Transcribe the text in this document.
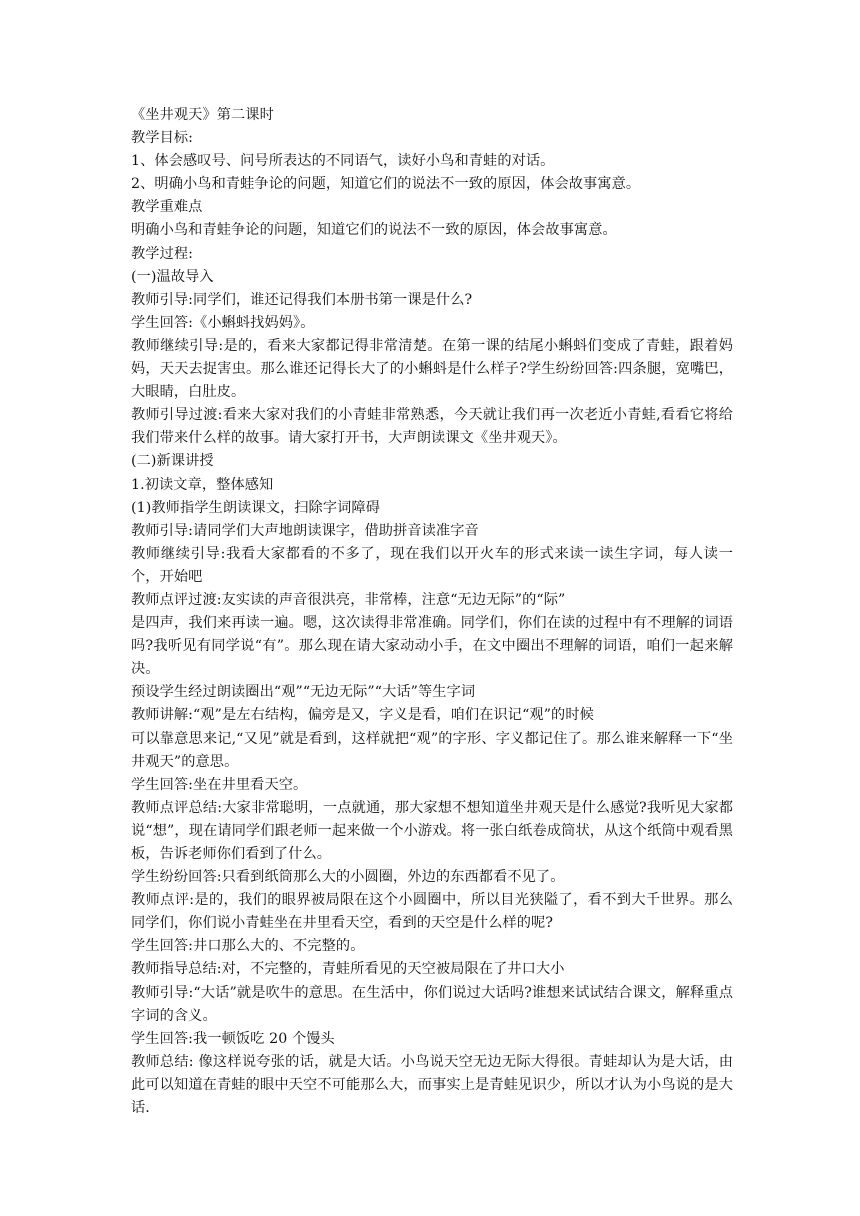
《坐井观天》第二课时

教学目标:

1、体会感叹号、问号所表达的不同语气，读好小鸟和青蛙的对话。

2、明确小鸟和青蛙争论的问题，知道它们的说法不一致的原因，体会故事寓意。

教学重难点

明确小鸟和青蛙争论的问题，知道它们的说法不一致的原因，体会故事寓意。

教学过程:

(一)温故导入

教师引导:同学们，谁还记得我们本册书第一课是什么?

学生回答:《小蝌蚪找妈妈》。

教师继续引导:是的，看来大家都记得非常清楚。在第一课的结尾小蝌蚪们变成了青蛙，跟着妈妈，天天去捉害虫。那么谁还记得长大了的小蝌蚪是什么样子?学生纷纷回答:四条腿，宽嘴巴，大眼睛，白肚皮。

教师引导过渡:看来大家对我们的小青蛙非常熟悉，今天就让我们再一次老近小青蛙,看看它将给我们带来什么样的故事。请大家打开书，大声朗读课文《坐井观天》。

(二)新课讲授

1.初读文章，整体感知

(1)教师指学生朗读课文，扫除字词障碍

教师引导:请同学们大声地朗读课字，借助拼音读准字音

教师继续引导:我看大家都看的不多了，现在我们以开火车的形式来读一读生字词，每人读一个，开始吧

教师点评过渡:友实读的声音很洪亮，非常棒，注意“无边无际”的“际”

是四声，我们来再读一遍。嗯，这次读得非常准确。同学们，你们在读的过程中有不理解的词语吗?我听见有同学说“有”。那么现在请大家动动小手，在文中圈出不理解的词语，咱们一起来解决。

预设学生经过朗读圈出“观”“无边无际”“大话”等生字词

教师讲解:“观”是左右结构，偏旁是又，字义是看，咱们在识记“观”的时候

可以靠意思来记,“又见”就是看到，这样就把“观”的字形、字义都记住了。那么谁来解释一下“坐井观天”的意思。

学生回答:坐在井里看天空。

教师点评总结:大家非常聪明，一点就通，那大家想不想知道坐井观天是什么感觉?我听见大家都说“想”，现在请同学们跟老师一起来做一个小游戏。将一张白纸卷成筒状，从这个纸筒中观看黑板，告诉老师你们看到了什么。

学生纷纷回答:只看到纸筒那么大的小圆圈，外边的东西都看不见了。

教师点评:是的，我们的眼界被局限在这个小圆圈中，所以目光狭隘了，看不到大千世界。那么同学们，你们说小青蛙坐在井里看天空，看到的天空是什么样的呢?

学生回答:井口那么大的、不完整的。

教师指导总结:对，不完整的，青蛙所看见的天空被局限在了井口大小

教师引导:“大话”就是吹牛的意思。在生活中，你们说过大话吗?谁想来试试结合课文，解释重点字词的含义。

学生回答:我一顿饭吃 20 个馒头

教师总结: 像这样说夸张的话，就是大话。小鸟说天空无边无际大得很。青蛙却认为是大话，由此可以知道在青蛙的眼中天空不可能那么大，而事实上是青蛙见识少，所以才认为小鸟说的是大话.
